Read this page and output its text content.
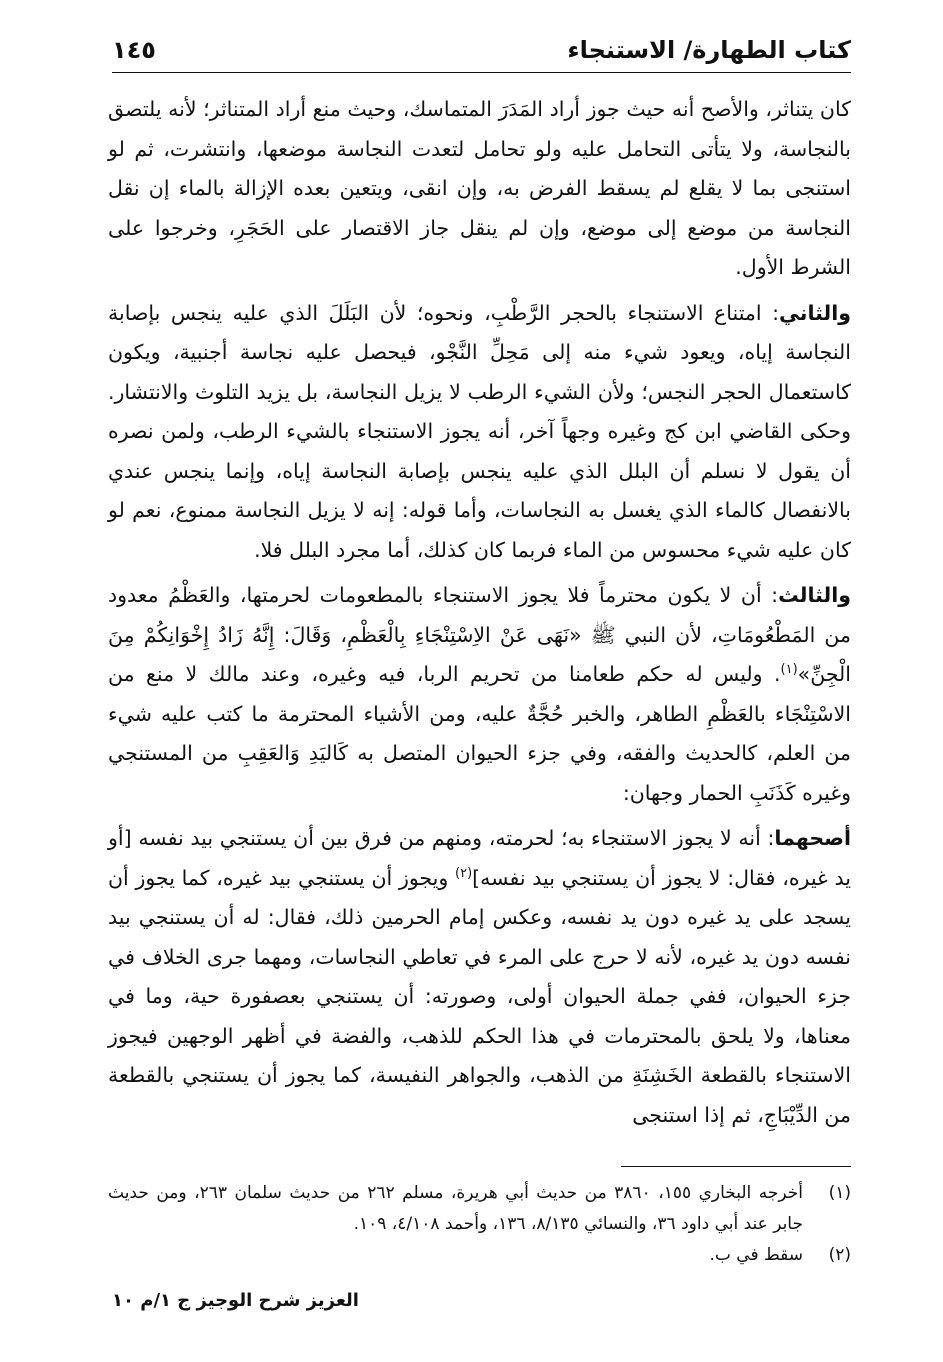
كتاب الطهارة/ الاستنجاء
١٤٥

كان يتناثر، والأصح أنه حيث جوز أراد المَدَرَ المتماسك، وحيث منع أراد المتناثر؛ لأنه يلتصق بالنجاسة، ولا يتأتى التحامل عليه ولو تحامل لتعدت النجاسة موضعها، وانتشرت، ثم لو استنجى بما لا يقلع لم يسقط الفرض به، وإن انقى، ويتعين بعده الإزالة بالماء إن نقل النجاسة من موضع إلى موضع، وإن لم ينقل جاز الاقتصار على الحَجَرِ، وخرجوا على الشرط الأول.

والثاني: امتناع الاستنجاء بالحجر الرَّطْبِ، ونحوه؛ لأن البَلَلَ الذي عليه ينجس بإصابة النجاسة إياه، ويعود شيء منه إلى مَحِلِّ النَّجْو، فيحصل عليه نجاسة أجنبية، ويكون كاستعمال الحجر النجس؛ ولأن الشيء الرطب لا يزيل النجاسة، بل يزيد التلوث والانتشار. وحكى القاضي ابن كج وغيره وجهاً آخر، أنه يجوز الاستنجاء بالشيء الرطب، ولمن نصره أن يقول لا نسلم أن البلل الذي عليه ينجس بإصابة النجاسة إياه، وإنما ينجس عندي بالانفصال كالماء الذي يغسل به النجاسات، وأما قوله: إنه لا يزيل النجاسة ممنوع، نعم لو كان عليه شيء محسوس من الماء فربما كان كذلك، أما مجرد البلل فلا.

والثالث: أن لا يكون محترماً فلا يجوز الاستنجاء بالمطعومات لحرمتها، والعَظْمُ معدود من المَطْعُومَاتِ، لأن النبي ﷺ «نَهَى عَنْ الاِسْتِنْجَاءِ بِالْعَظْمِ، وَقَالَ: إِنَّهُ زَادُ إِخْوَانِكُمْ مِنَ الْجِنِّ»$^{(١)}$. وليس له حكم طعامنا من تحريم الربا، فيه وغيره، وعند مالك لا منع من الاسْتِنْجَاء بالعَظْمِ الطاهر، والخبر حُجَّةٌ عليه، ومن الأشياء المحترمة ما كتب عليه شيء من العلم، كالحديث والفقه، وفي جزء الحيوان المتصل به كَاليَدِ وَالعَقِبِ من المستنجي وغيره كَذَنَبِ الحمار وجهان:

أصحهما: أنه لا يجوز الاستنجاء به؛ لحرمته، ومنهم من فرق بين أن يستنجي بيد نفسه [أو يد غيره، فقال: لا يجوز أن يستنجي بيد نفسه]$^{(٢)}$ ويجوز أن يستنجي بيد غيره، كما يجوز أن يسجد على يد غيره دون يد نفسه، وعكس إمام الحرمين ذلك، فقال: له أن يستنجي بيد نفسه دون يد غيره، لأنه لا حرج على المرء في تعاطي النجاسات، ومهما جرى الخلاف في جزء الحيوان، ففي جملة الحيوان أولى، وصورته: أن يستنجي بعصفورة حية، وما في معناها، ولا يلحق بالمحترمات في هذا الحكم للذهب، والفضة في أظهر الوجهين فيجوز الاستنجاء بالقطعة الخَشِنَةِ من الذهب، والجواهر النفيسة، كما يجوز أن يستنجي بالقطعة من الدِّيْبَاجِ، ثم إذا استنجى

(١)
أخرجه البخاري ١٥٥، ٣٨٦٠ من حديث أبي هريرة، مسلم ٢٦٢ من حديث سلمان ٢٦٣، ومن حديث جابر عند أبي داود ٣٦، والنسائي ٨/١٣٥، ١٣٦، وأحمد ٤/١٠٨، ١٠٩.
(٢)
سقط في ب.
العزيز شرح الوجيز ج ١/م ١٠
